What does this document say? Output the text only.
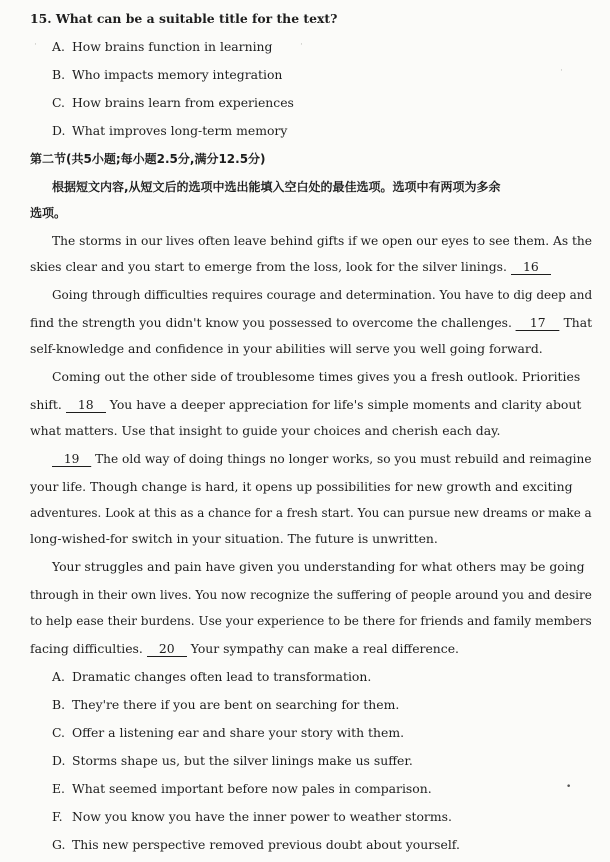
15. What can be a suitable title for the text?
A. How brains function in learning
B. Who impacts memory integration
C. How brains learn from experiences
D. What improves long-term memory
第二节(共5小题;每小题2.5分,满分12.5分)
根据短文内容,从短文后的选项中选出能填入空白处的最佳选项。选项中有两项为多余
选项。
The storms in our lives often leave behind gifts if we open our eyes to see them. As the
skies clear and you start to emerge from the loss, look for the silver linings. 16
Going through difficulties requires courage and determination. You have to dig deep and
find the strength you didn't know you possessed to overcome the challenges. 17 That
self-knowledge and confidence in your abilities will serve you well going forward.
Coming out the other side of troublesome times gives you a fresh outlook. Priorities
shift. 18 You have a deeper appreciation for life's simple moments and clarity about
what matters. Use that insight to guide your choices and cherish each day.
19 The old way of doing things no longer works, so you must rebuild and reimagine
your life. Though change is hard, it opens up possibilities for new growth and exciting
adventures. Look at this as a chance for a fresh start. You can pursue new dreams or make a
long-wished-for switch in your situation. The future is unwritten.
Your struggles and pain have given you understanding for what others may be going
through in their own lives. You now recognize the suffering of people around you and desire
to help ease their burdens. Use your experience to be there for friends and family members
facing difficulties. 20 Your sympathy can make a real difference.
A. Dramatic changes often lead to transformation.
B. They're there if you are bent on searching for them.
C. Offer a listening ear and share your story with them.
D. Storms shape us, but the silver linings make us suffer.
E. What seemed important before now pales in comparison.
F. Now you know you have the inner power to weather storms.
G. This new perspective removed previous doubt about yourself.
·	·
·
•
